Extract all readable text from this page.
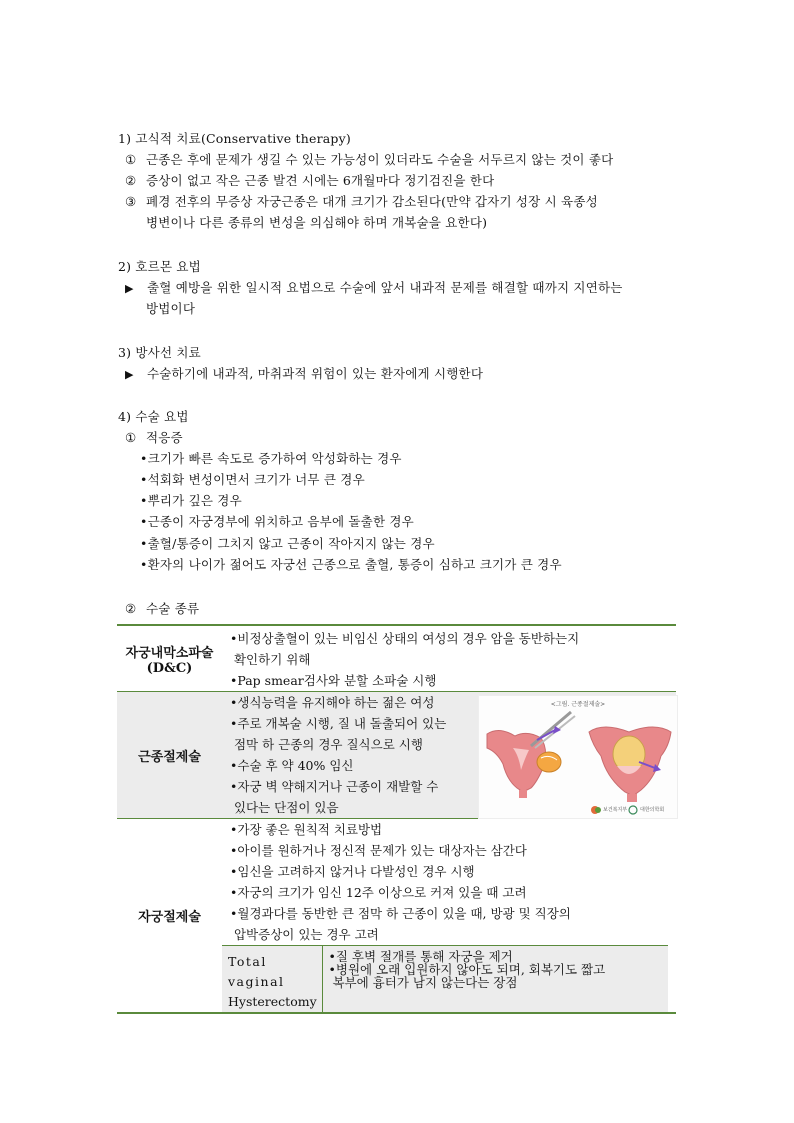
1) 고식적 치료(Conservative therapy)
① 근종은 후에 문제가 생길 수 있는 가능성이 있더라도 수술을 서두르지 않는 것이 좋다
② 증상이 없고 작은 근종 발견 시에는 6개월마다 정기검진을 한다
③ 폐경 전후의 무증상 자궁근종은 대개 크기가 감소된다(만약 갑자기 성장 시 육종성
병변이나 다른 종류의 변성을 의심해야 하며 개복술을 요한다)
2) 호르몬 요법
▶ 출혈 예방을 위한 일시적 요법으로 수술에 앞서 내과적 문제를 해결할 때까지 지연하는
방법이다
3) 방사선 치료
▶ 수술하기에 내과적, 마취과적 위험이 있는 환자에게 시행한다
4) 수술 요법
① 적응증
•크기가 빠른 속도로 증가하여 악성화하는 경우
•석회화 변성이면서 크기가 너무 큰 경우
•뿌리가 깊은 경우
•근종이 자궁경부에 위치하고 음부에 돌출한 경우
•출혈/통증이 그치지 않고 근종이 작아지지 않는 경우
•환자의 나이가 젊어도 자궁선 근종으로 출혈, 통증이 심하고 크기가 큰 경우
② 수술 종류
자궁내막소파술
(D&C)

•비정상출혈이 있는 비임신 상태의 여성의 경우 암을 동반하는지
확인하기 위해
•Pap smear검사와 분할 소파술 시행

근종절제술

•생식능력을 유지해야 하는 젊은 여성
•주로 개복술 시행, 질 내 돌출되어 있는
점막 하 근종의 경우 질식으로 시행
•수술 후 약 40% 임신
•자궁 벽 약해지거나 근종이 재발할 수
있다는 단점이 있음

자궁절제술

•가장 좋은 원칙적 치료방법
•아이를 원하거나 정신적 문제가 있는 대상자는 삼간다
•임신을 고려하지 않거나 다발성인 경우 시행
•자궁의 크기가 임신 12주 이상으로 커져 있을 때 고려
•월경과다를 동반한 큰 점막 하 근종이 있을 때, 방광 및 직장의
압박증상이 있는 경우 고려
Total vaginal
Hysterectomy

•질 후벽 절개를 통해 자궁을 제거
•병원에 오래 입원하지 않아도 되며, 회복기도 짧고
복부에 흉터가 남지 않는다는 장점
<그림. 근종절제술>
보건복지부	대한의학회
